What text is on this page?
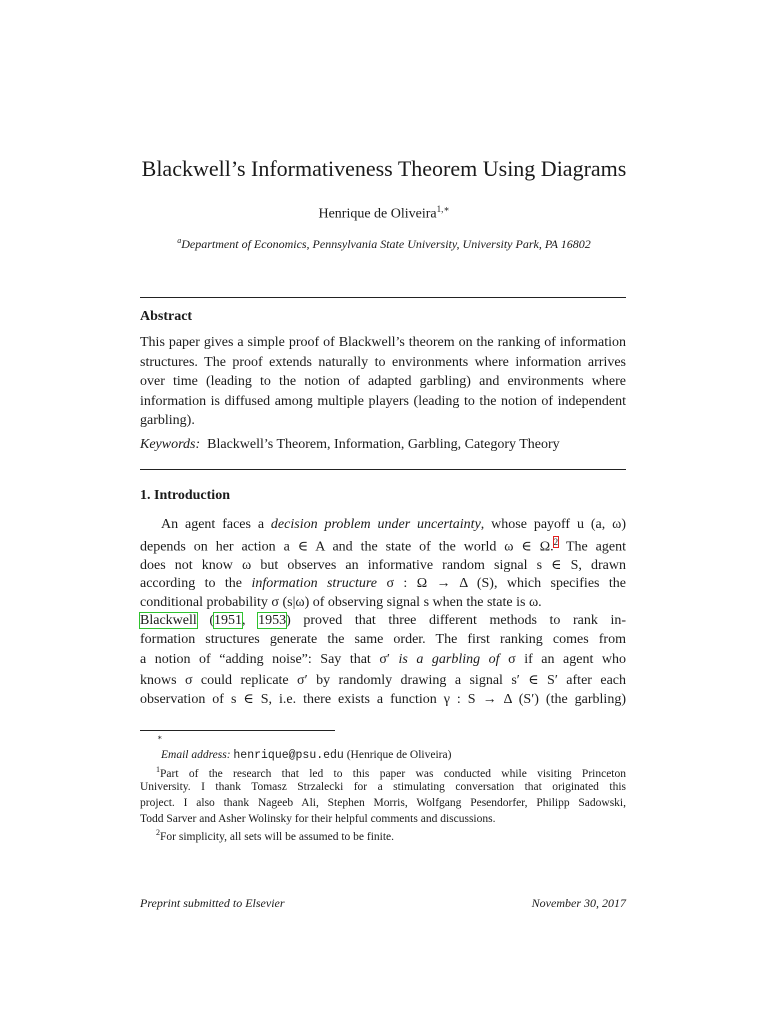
Blackwell’s Informativeness Theorem Using Diagrams
Henrique de Oliveira$^{1,∗}$
$^a$Department of Economics, Pennsylvania State University, University Park, PA 16802
Abstract
This paper gives a simple proof of Blackwell’s theorem on the ranking of information structures. The proof extends naturally to environments where information arrives over time (leading to the notion of adapted garbling) and environments where information is diffused among multiple players (leading to the notion of independent garbling).
Keywords: Blackwell’s Theorem, Information, Garbling, Category Theory
1. Introduction
An agent faces a decision problem under uncertainty, whose payoff u (a, ω)
depends on her action a ∈ A and the state of the world ω ∈ Ω.$^2$ The agent
does not know ω but observes an informative random signal s ∈ S, drawn
according to the information structure σ : Ω → Δ (S), which specifies the
conditional probability σ (s|ω) of observing signal s when the state is ω.
Blackwell (1951, 1953) proved that three different methods to rank in-
formation structures generate the same order. The first ranking comes from
a notion of “adding noise”: Say that σ′ is a garbling of σ if an agent who
knows σ could replicate σ′ by randomly drawing a signal s′ ∈ S′ after each
observation of s ∈ S, i.e. there exists a function γ : S → Δ (S′) (the garbling)
∗
Email address: henrique@psu.edu (Henrique de Oliveira)
$^1$Part of the research that led to this paper was conducted while visiting Princeton
University. I thank Tomasz Strzalecki for a stimulating conversation that originated this
project. I also thank Nageeb Ali, Stephen Morris, Wolfgang Pesendorfer, Philipp Sadowski,
Todd Sarver and Asher Wolinsky for their helpful comments and discussions.
$^2$For simplicity, all sets will be assumed to be finite.
Preprint submitted to Elsevier	November 30, 2017
